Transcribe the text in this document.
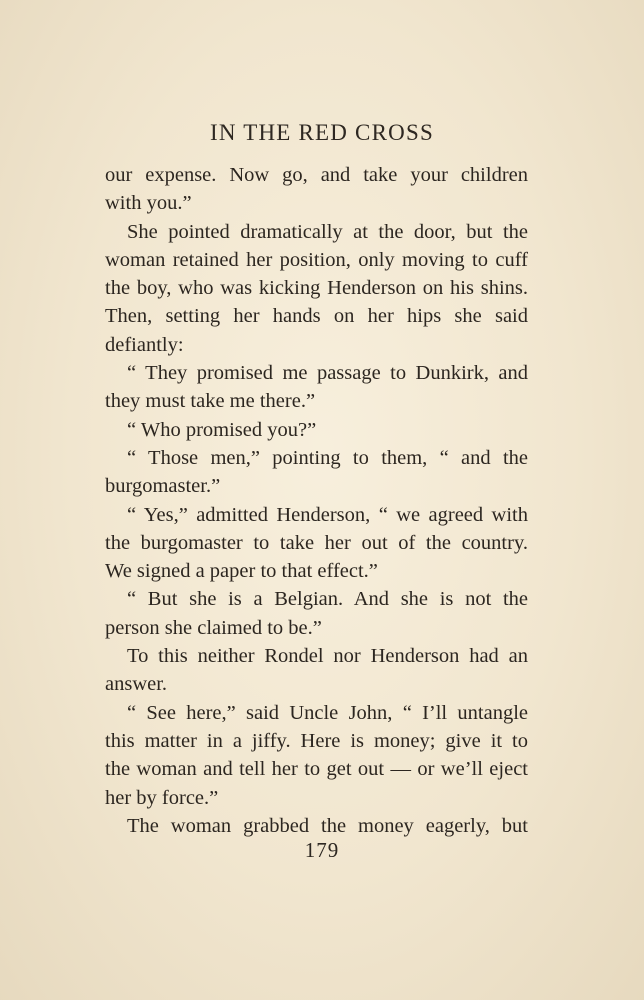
IN THE RED CROSS
our expense. Now go, and take your children
with you.”
She pointed dramatically at the door, but the
woman retained her position, only moving to cuff
the boy, who was kicking Henderson on his shins.
Then, setting her hands on her hips she said
defiantly:
“ They promised me passage to Dunkirk, and
they must take me there.”
“ Who promised you?”
“ Those men,” pointing to them, “ and the
burgomaster.”
“ Yes,” admitted Henderson, “ we agreed with
the burgomaster to take her out of the country.
We signed a paper to that effect.”
“ But she is a Belgian. And she is not the
person she claimed to be.”
To this neither Rondel nor Henderson had an
answer.
“ See here,” said Uncle John, “ I’ll untangle
this matter in a jiffy. Here is money; give it to
the woman and tell her to get out — or we’ll eject
her by force.”
The woman grabbed the money eagerly, but
179
